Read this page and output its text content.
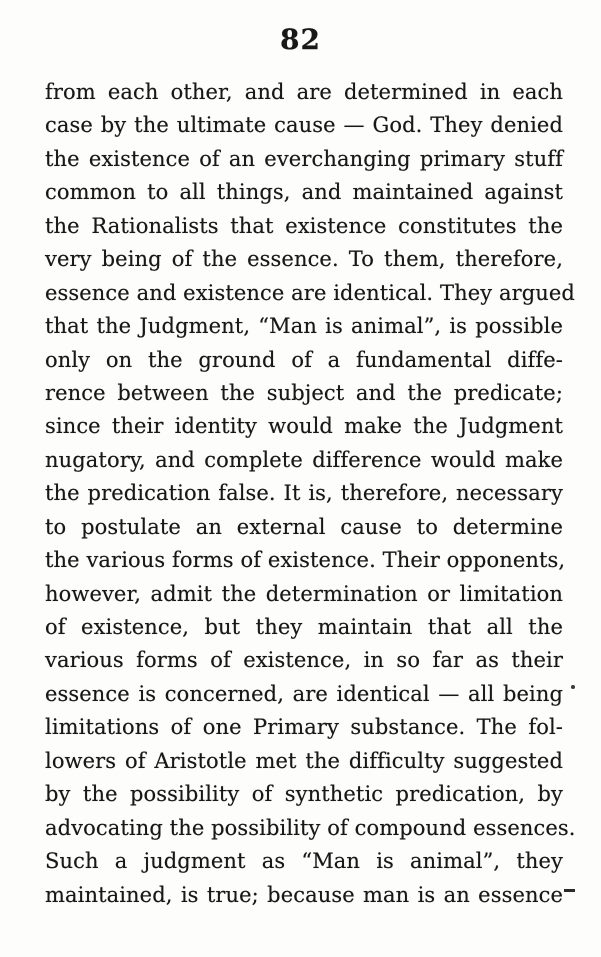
82
from each other, and are determined in each
case by the ultimate cause — God. They denied
the existence of an everchanging primary stuff
common to all things, and maintained against
the Rationalists that existence constitutes the
very being of the essence. To them, therefore,
essence and existence are identical. They argued
that the Judgment, “Man is animal”, is possible
only on the ground of a fundamental diffe-
rence between the subject and the predicate;
since their identity would make the Judgment
nugatory, and complete difference would make
the predication false. It is, therefore, necessary
to postulate an external cause to determine
the various forms of existence. Their opponents,
however, admit the determination or limitation
of existence, but they maintain that all the
various forms of existence, in so far as their
essence is concerned, are identical — all being
limitations of one Primary substance. The fol-
lowers of Aristotle met the difficulty suggested
by the possibility of synthetic predication, by
advocating the possibility of compound essences.
Such a judgment as “Man is animal”, they
maintained, is true; because man is an essence
